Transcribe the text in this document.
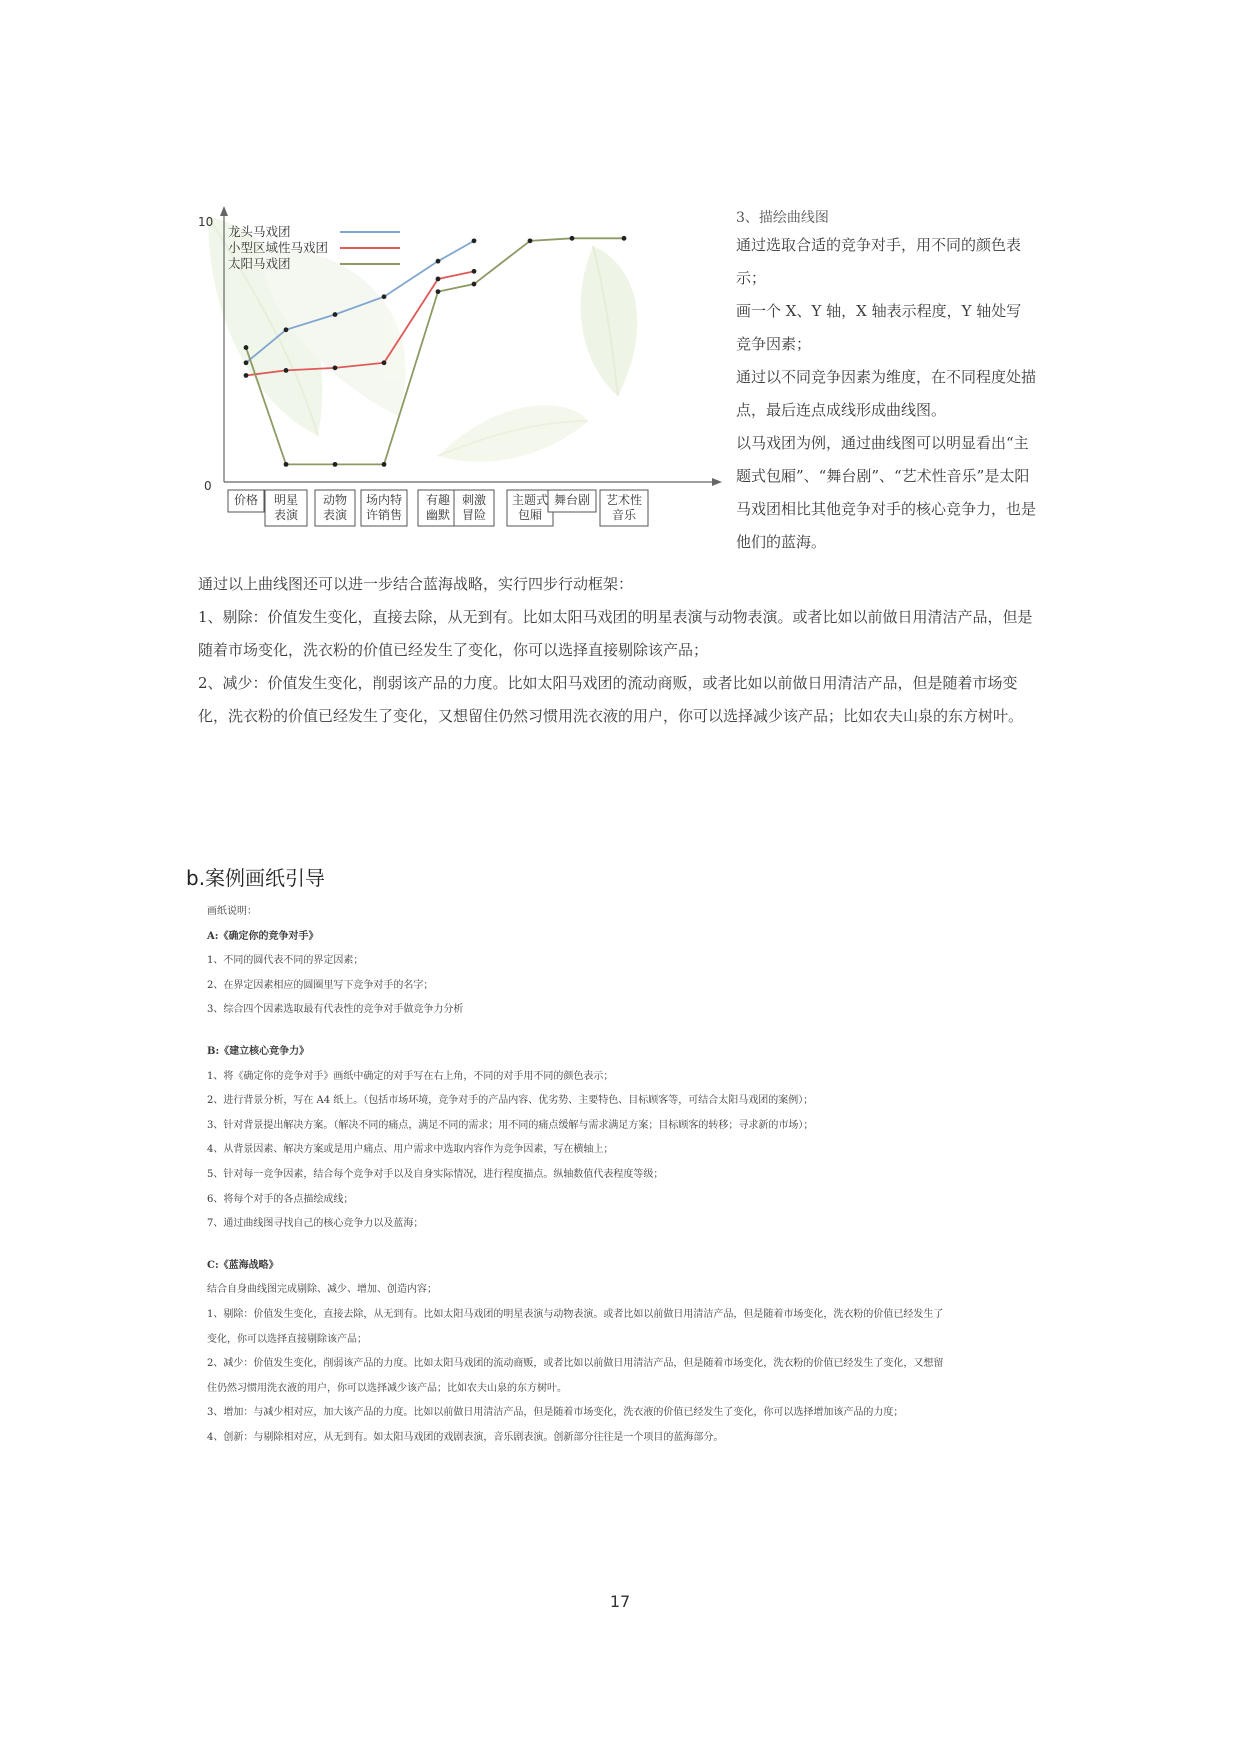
10
0
价格 明星
表演
动物
表演
场内特
许销售
有趣
幽默
刺激
冒险
主题式
包厢
舞台剧 艺术性
音乐
龙头马戏团
小型区域性马戏团
太阳马戏团
3、描绘曲线图

通过选取合适的竞争对手，用不同的颜色表示；

画一个 X、Y 轴，X 轴表示程度，Y 轴处写竞争因素；

通过以不同竞争因素为维度，在不同程度处描点，最后连点成线形成曲线图。

以马戏团为例，通过曲线图可以明显看出“主题式包厢”、“舞台剧”、“艺术性音乐”是太阳马戏团相比其他竞争对手的核心竞争力，也是他们的蓝海。

通过以上曲线图还可以进一步结合蓝海战略，实行四步行动框架：

1、剔除：价值发生变化，直接去除，从无到有。比如太阳马戏团的明星表演与动物表演。或者比如以前做日用清洁产品，但是随着市场变化，洗衣粉的价值已经发生了变化，你可以选择直接剔除该产品；

2、减少：价值发生变化，削弱该产品的力度。比如太阳马戏团的流动商贩，或者比如以前做日用清洁产品，但是随着市场变化，洗衣粉的价值已经发生了变化，又想留住仍然习惯用洗衣液的用户，你可以选择减少该产品；比如农夫山泉的东方树叶。

b.案例画纸引导

画纸说明：

A:《确定你的竞争对手》

1、不同的圆代表不同的界定因素；

2、在界定因素相应的圆圈里写下竞争对手的名字；

3、综合四个因素选取最有代表性的竞争对手做竞争力分析

B:《建立核心竞争力》

1、将《确定你的竞争对手》画纸中确定的对手写在右上角，不同的对手用不同的颜色表示；

2、进行背景分析，写在 A4 纸上。（包括市场环境，竞争对手的产品内容、优劣势、主要特色、目标顾客等，可结合太阳马戏团的案例）；

3、针对背景提出解决方案。（解决不同的痛点，满足不同的需求；用不同的痛点缓解与需求满足方案；目标顾客的转移；寻求新的市场）；

4、从背景因素、解决方案或是用户痛点、用户需求中选取内容作为竞争因素，写在横轴上；

5、针对每一竞争因素，结合每个竞争对手以及自身实际情况，进行程度描点。纵轴数值代表程度等级；

6、将每个对手的各点描绘成线；

7、通过曲线图寻找自己的核心竞争力以及蓝海；

C:《蓝海战略》

结合自身曲线图完成剔除、减少、增加、创造内容；

1、剔除：价值发生变化，直接去除，从无到有。比如太阳马戏团的明星表演与动物表演。或者比如以前做日用清洁产品，但是随着市场变化，洗衣粉的价值已经发生了

变化，你可以选择直接剔除该产品；

2、减少：价值发生变化，削弱该产品的力度。比如太阳马戏团的流动商贩，或者比如以前做日用清洁产品，但是随着市场变化，洗衣粉的价值已经发生了变化，又想留

住仍然习惯用洗衣液的用户，你可以选择减少该产品；比如农夫山泉的东方树叶。

3、增加：与减少相对应，加大该产品的力度。比如以前做日用清洁产品，但是随着市场变化，洗衣液的价值已经发生了变化，你可以选择增加该产品的力度；

4、创新：与剔除相对应，从无到有。如太阳马戏团的戏剧表演，音乐剧表演。创新部分往往是一个项目的蓝海部分。

17
